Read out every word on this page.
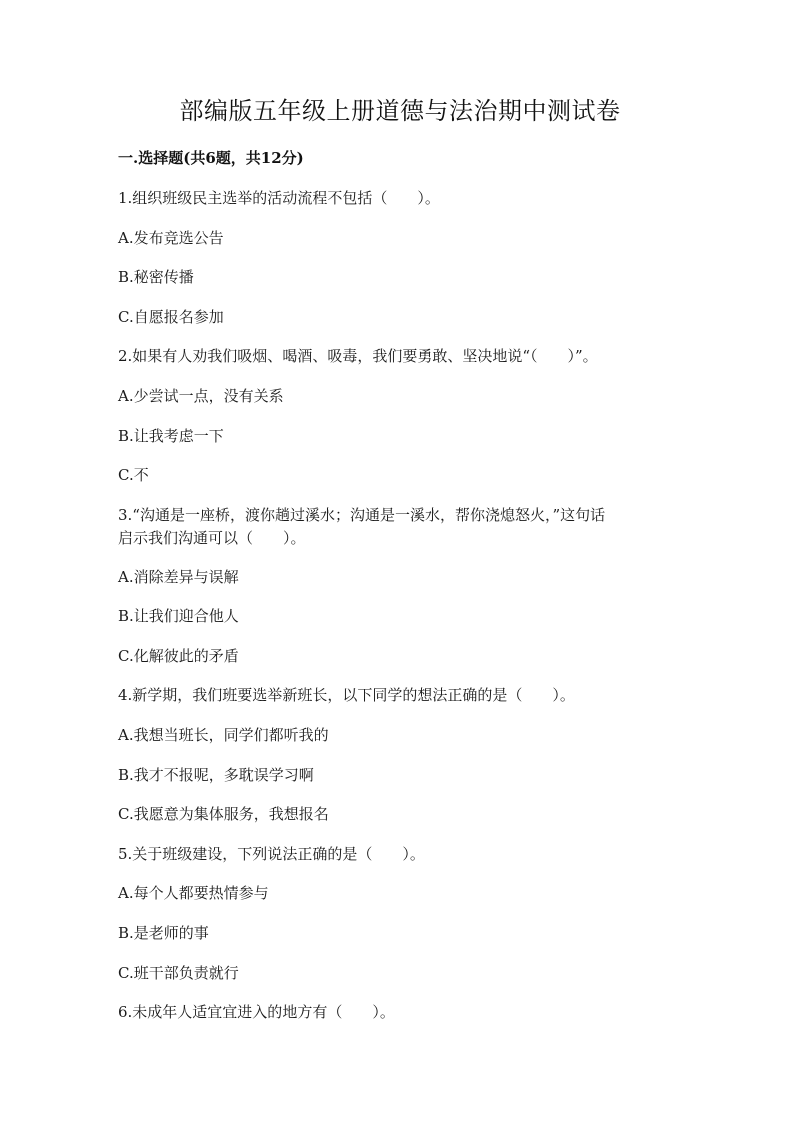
部编版五年级上册道德与法治期中测试卷
一.选择题(共6题，共12分)
1.组织班级民主选举的活动流程不包括（　　）。
A.发布竞选公告
B.秘密传播
C.自愿报名参加
2.如果有人劝我们吸烟、喝酒、吸毒，我们要勇敢、坚决地说“（　　）”。
A.少尝试一点，没有关系
B.让我考虑一下
C.不
3.“沟通是一座桥，渡你趟过溪水；沟通是一溪水，帮你浇熄怒火，”这句话
启示我们沟通可以（　　）。
A.消除差异与误解
B.让我们迎合他人
C.化解彼此的矛盾
4.新学期，我们班要选举新班长，以下同学的想法正确的是（　　）。
A.我想当班长，同学们都听我的
B.我才不报呢，多耽误学习啊
C.我愿意为集体服务，我想报名
5.关于班级建设，下列说法正确的是（　　）。
A.每个人都要热情参与
B.是老师的事
C.班干部负责就行
6.未成年人适宜宜进入的地方有（　　）。
